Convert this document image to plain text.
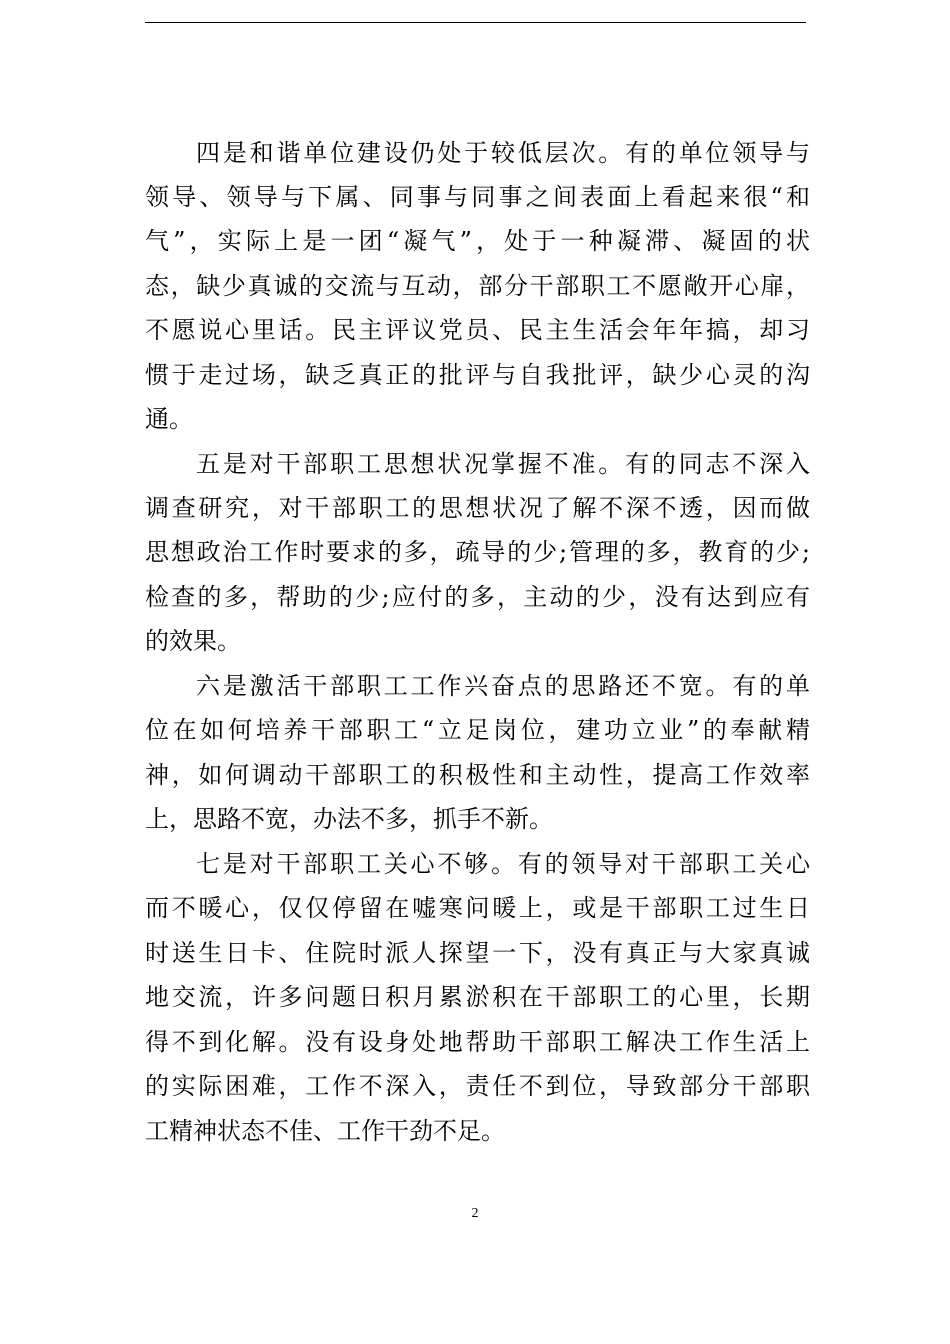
四是和谐单位建设仍处于较低层次。有的单位领导与
领导、领导与下属、同事与同事之间表面上看起来很“和
气”，实际上是一团“凝气”，处于一种凝滞、凝固的状
态，缺少真诚的交流与互动，部分干部职工不愿敞开心扉，
不愿说心里话。民主评议党员、民主生活会年年搞，却习
惯于走过场，缺乏真正的批评与自我批评，缺少心灵的沟
通。
五是对干部职工思想状况掌握不准。有的同志不深入
调查研究，对干部职工的思想状况了解不深不透，因而做
思想政治工作时要求的多，疏导的少;管理的多，教育的少;
检查的多，帮助的少;应付的多，主动的少，没有达到应有
的效果。
六是激活干部职工工作兴奋点的思路还不宽。有的单
位在如何培养干部职工“立足岗位，建功立业”的奉献精
神，如何调动干部职工的积极性和主动性，提高工作效率
上，思路不宽，办法不多，抓手不新。
七是对干部职工关心不够。有的领导对干部职工关心
而不暖心，仅仅停留在嘘寒问暖上，或是干部职工过生日
时送生日卡、住院时派人探望一下，没有真正与大家真诚
地交流，许多问题日积月累淤积在干部职工的心里，长期
得不到化解。没有设身处地帮助干部职工解决工作生活上
的实际困难，工作不深入，责任不到位，导致部分干部职
工精神状态不佳、工作干劲不足。
2
